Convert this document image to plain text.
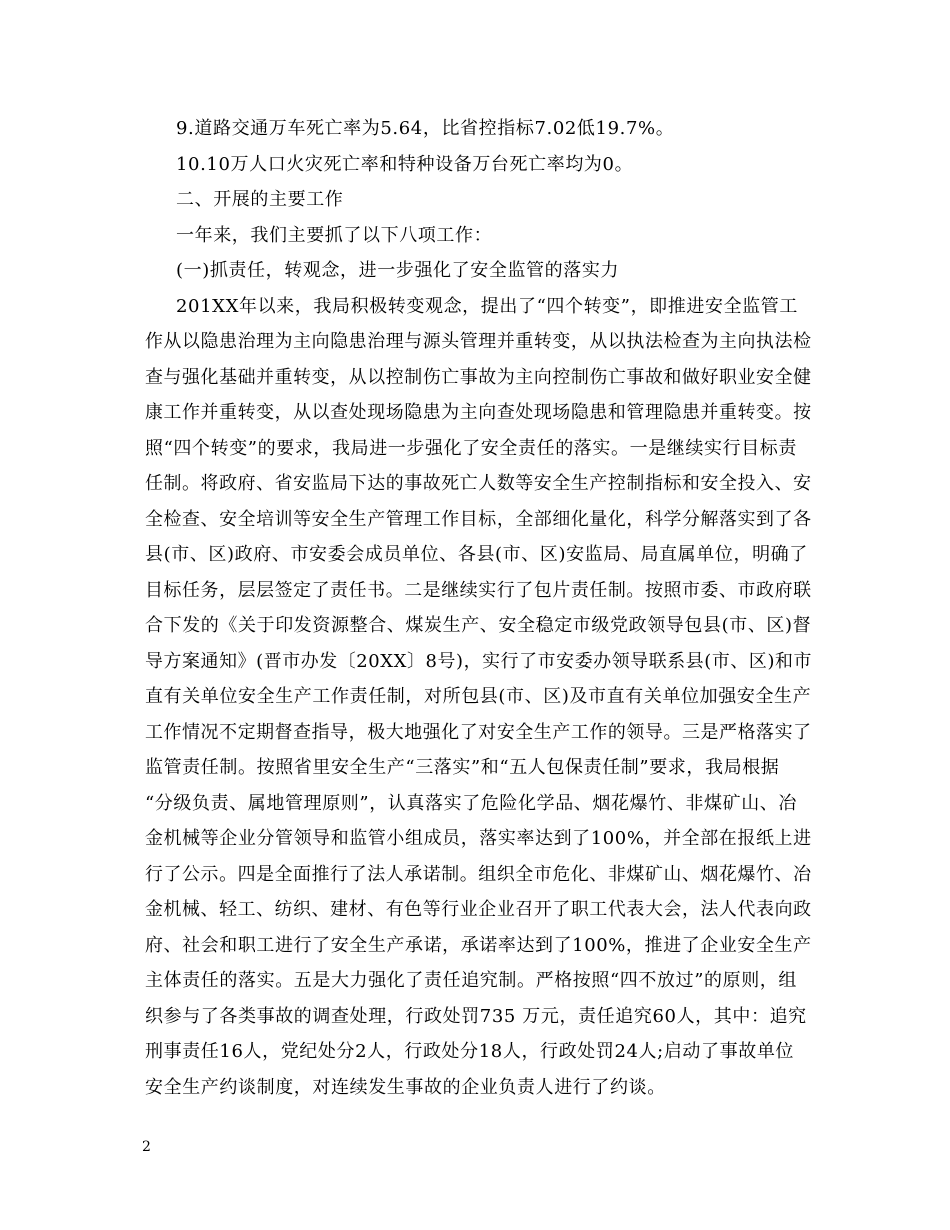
9.道路交通万车死亡率为5.64，比省控指标7.02低19.7%。
10.10万人口火灾死亡率和特种设备万台死亡率均为0。
二、开展的主要工作
一年来，我们主要抓了以下八项工作：
(一)抓责任，转观念，进一步强化了安全监管的落实力
201XX年以来，我局积极转变观念，提出了“四个转变”，即推进安全监管工
作从以隐患治理为主向隐患治理与源头管理并重转变，从以执法检查为主向执法检
查与强化基础并重转变，从以控制伤亡事故为主向控制伤亡事故和做好职业安全健
康工作并重转变，从以查处现场隐患为主向查处现场隐患和管理隐患并重转变。按
照“四个转变”的要求，我局进一步强化了安全责任的落实。一是继续实行目标责
任制。将政府、省安监局下达的事故死亡人数等安全生产控制指标和安全投入、安
全检查、安全培训等安全生产管理工作目标，全部细化量化，科学分解落实到了各
县(市、区)政府、市安委会成员单位、各县(市、区)安监局、局直属单位，明确了
目标任务，层层签定了责任书。二是继续实行了包片责任制。按照市委、市政府联
合下发的《关于印发资源整合、煤炭生产、安全稳定市级党政领导包县(市、区)督
导方案通知》(晋市办发〔20XX〕8号)，实行了市安委办领导联系县(市、区)和市
直有关单位安全生产工作责任制，对所包县(市、区)及市直有关单位加强安全生产
工作情况不定期督查指导，极大地强化了对安全生产工作的领导。三是严格落实了
监管责任制。按照省里安全生产“三落实”和“五人包保责任制”要求，我局根据
“分级负责、属地管理原则”，认真落实了危险化学品、烟花爆竹、非煤矿山、冶
金机械等企业分管领导和监管小组成员，落实率达到了100%，并全部在报纸上进
行了公示。四是全面推行了法人承诺制。组织全市危化、非煤矿山、烟花爆竹、冶
金机械、轻工、纺织、建材、有色等行业企业召开了职工代表大会，法人代表向政
府、社会和职工进行了安全生产承诺，承诺率达到了100%，推进了企业安全生产
主体责任的落实。五是大力强化了责任追究制。严格按照“四不放过”的原则，组
织参与了各类事故的调查处理，行政处罚735 万元，责任追究60人，其中：追究
刑事责任16人，党纪处分2人，行政处分18人，行政处罚24人;启动了事故单位
安全生产约谈制度，对连续发生事故的企业负责人进行了约谈。
2
